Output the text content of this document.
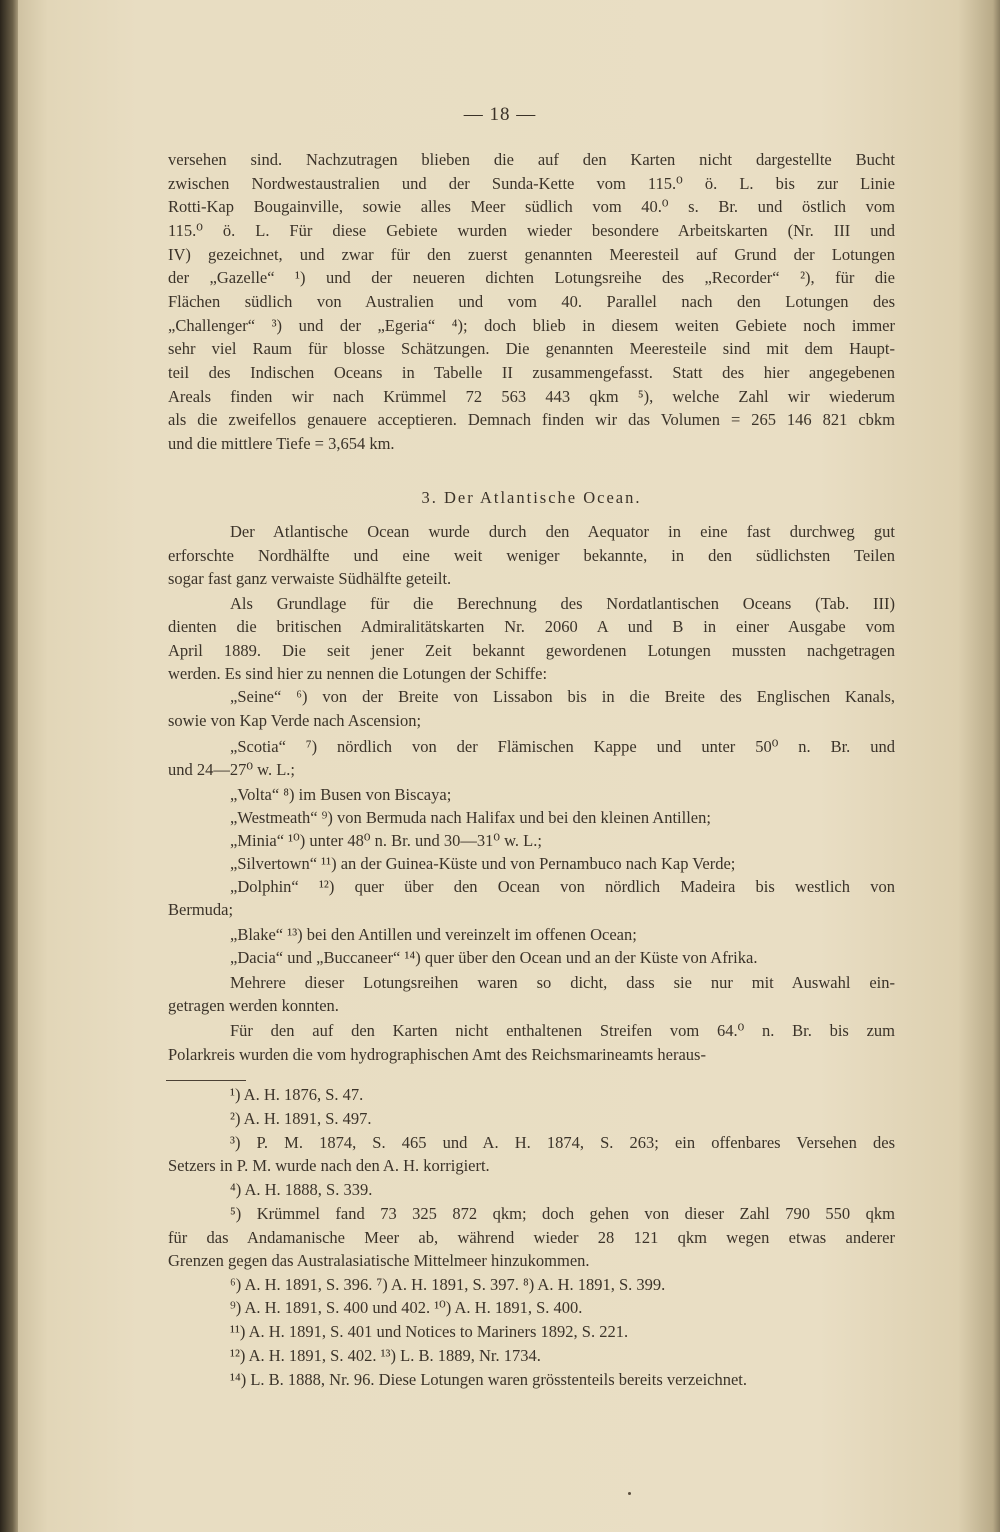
— 18 —
versehen sind. Nachzutragen blieben die auf den Karten nicht dargestellte Bucht
zwischen Nordwestaustralien und der Sunda-Kette vom 115.⁰ ö. L. bis zur Linie
Rotti-Kap Bougainville, sowie alles Meer südlich vom 40.⁰ s. Br. und östlich vom
115.⁰ ö. L. Für diese Gebiete wurden wieder besondere Arbeitskarten (Nr. III und
IV) gezeichnet, und zwar für den zuerst genannten Meeresteil auf Grund der Lotungen
der „Gazelle“ ¹) und der neueren dichten Lotungsreihe des „Recorder“ ²), für die
Flächen südlich von Australien und vom 40. Parallel nach den Lotungen des
„Challenger“ ³) und der „Egeria“ ⁴); doch blieb in diesem weiten Gebiete noch immer
sehr viel Raum für blosse Schätzungen. Die genannten Meeresteile sind mit dem Haupt-
teil des Indischen Oceans in Tabelle II zusammengefasst. Statt des hier angegebenen
Areals finden wir nach Krümmel 72 563 443 qkm ⁵), welche Zahl wir wiederum
als die zweifellos genauere acceptieren. Demnach finden wir das Volumen = 265 146 821 cbkm
und die mittlere Tiefe = 3,654 km.
3. Der Atlantische Ocean.
Der Atlantische Ocean wurde durch den Aequator in eine fast durchweg gut
erforschte Nordhälfte und eine weit weniger bekannte, in den südlichsten Teilen
sogar fast ganz verwaiste Südhälfte geteilt.
Als Grundlage für die Berechnung des Nordatlantischen Oceans (Tab. III)
dienten die britischen Admiralitätskarten Nr. 2060 A und B in einer Ausgabe vom
April 1889. Die seit jener Zeit bekannt gewordenen Lotungen mussten nachgetragen
werden. Es sind hier zu nennen die Lotungen der Schiffe:
„Seine“ ⁶) von der Breite von Lissabon bis in die Breite des Englischen Kanals,
sowie von Kap Verde nach Ascension;
„Scotia“ ⁷) nördlich von der Flämischen Kappe und unter 50⁰ n. Br. und
und 24—27⁰ w. L.;
„Volta“ ⁸) im Busen von Biscaya;
„Westmeath“ ⁹) von Bermuda nach Halifax und bei den kleinen Antillen;
„Minia“ ¹⁰) unter 48⁰ n. Br. und 30—31⁰ w. L.;
„Silvertown“ ¹¹) an der Guinea-Küste und von Pernambuco nach Kap Verde;
„Dolphin“ ¹²) quer über den Ocean von nördlich Madeira bis westlich von
Bermuda;
„Blake“ ¹³) bei den Antillen und vereinzelt im offenen Ocean;
„Dacia“ und „Buccaneer“ ¹⁴) quer über den Ocean und an der Küste von Afrika.
Mehrere dieser Lotungsreihen waren so dicht, dass sie nur mit Auswahl ein-
getragen werden konnten.
Für den auf den Karten nicht enthaltenen Streifen vom 64.⁰ n. Br. bis zum
Polarkreis wurden die vom hydrographischen Amt des Reichsmarineamts heraus-
¹) A. H. 1876, S. 47.
²) A. H. 1891, S. 497.
³) P. M. 1874, S. 465 und A. H. 1874, S. 263; ein offenbares Versehen des
Setzers in P. M. wurde nach den A. H. korrigiert.
⁴) A. H. 1888, S. 339.
⁵) Krümmel fand 73 325 872 qkm; doch gehen von dieser Zahl 790 550 qkm
für das Andamanische Meer ab, während wieder 28 121 qkm wegen etwas anderer
Grenzen gegen das Australasiatische Mittelmeer hinzukommen.
⁶) A. H. 1891, S. 396. ⁷) A. H. 1891, S. 397. ⁸) A. H. 1891, S. 399.
⁹) A. H. 1891, S. 400 und 402. ¹⁰) A. H. 1891, S. 400.
¹¹) A. H. 1891, S. 401 und Notices to Mariners 1892, S. 221.
¹²) A. H. 1891, S. 402. ¹³) L. B. 1889, Nr. 1734.
¹⁴) L. B. 1888, Nr. 96. Diese Lotungen waren grösstenteils bereits verzeichnet.
